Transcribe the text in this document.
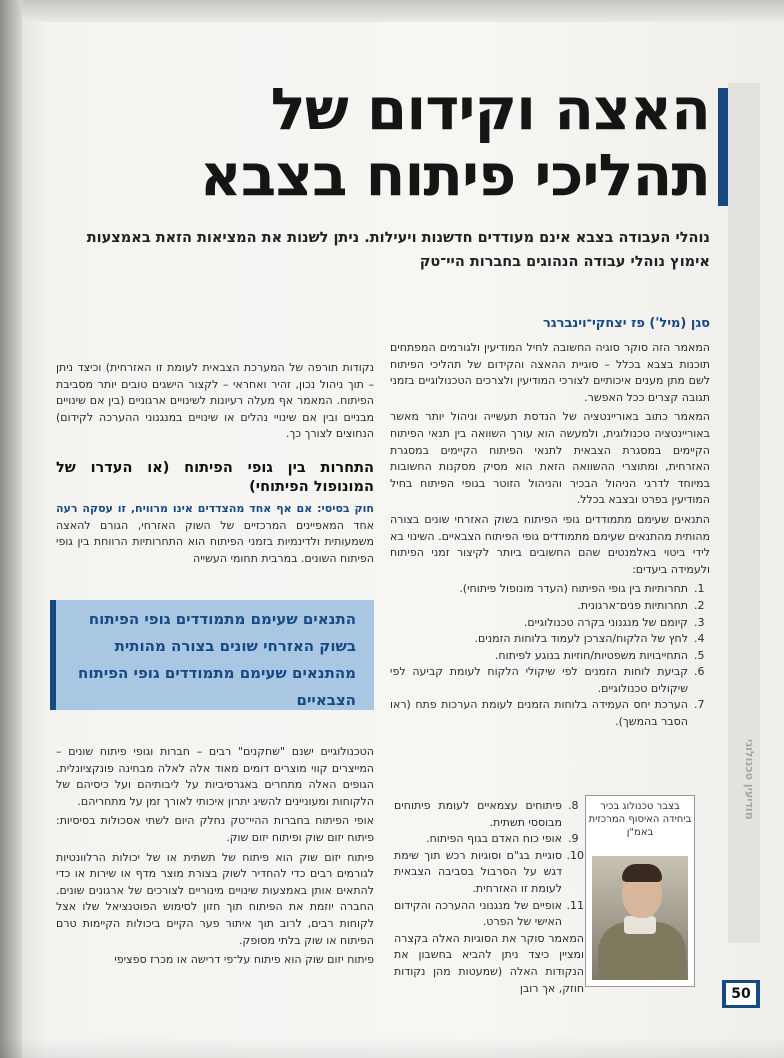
מודיעין טכנולוגי
האצה וקידום של
תהליכי פיתוח בצבא
נוהלי העבודה בצבא אינם מעודדים חדשנות ויעילות. ניתן לשנות את המציאות הזאת באמצעות אימוץ נוהלי עבודה הנהוגים בחברות היי־טק
סגן (מיל') פז יצחקי־וינברגר

המאמר הזה סוקר סוגיה החשובה לחיל המודיעין ולגורמים המפתחים תוכנות בצבא בכלל – סוגיית ההאצה והקידום של תהליכי הפיתוח לשם מתן מענים איכותיים לצורכי המודיעין ולצרכים הטכנולוגיים בזמני תגובה קצרים ככל האפשר.

המאמר כתוב באוריינטציה של הנדסת תעשייה וניהול יותר מאשר באוריינטציה טכנולוגית, ולמעשה הוא עורך השוואה בין תנאי הפיתוח הקיימים במסגרת הצבאית לתנאי הפיתוח הקיימים במסגרת האזרחית, ומתוצרי ההשוואה הזאת הוא מסיק מסקנות החשובות במיוחד לדרגי הניהול הבכיר והניהול הזוטר בגופי הפיתוח בחיל המודיעין בפרט ובצבא בכלל.

התנאים שעימם מתמודדים גופי הפיתוח בשוק האזרחי שונים בצורה מהותית מהתנאים שעימם מתמודדים גופי הפיתוח הצבאיים. השינוי בא לידי ביטוי באלמנטים שהם החשובים ביותר לקיצור זמני הפיתוח ולעמידה ביעדים:

1.
תחרותיות בין גופי הפיתוח (העדר מונופול פיתוחי).
2.
תחרותיות פנים־ארגונית.
3.
קיומם של מנגנוני בקרה טכנולוגיים.
4.
לחץ של הלקוח/הצרכן לעמוד בלוחות הזמנים.
5.
התחייבויות משפטיות/חוזיות בנוגע לפיתוח.
6.
קביעת לוחות הזמנים לפי שיקולי הלקוח לעומת קביעה לפי שיקולים טכנולוגיים.
7.
הערכת יחס העמידה בלוחות הזמנים לעומת הערכות פתח (ראו הסבר בהמשך).
בצבר טכנולוג בכיר ביחידה האיסוף המרכזית באמ"ן
8.
פיתוחים עצמאיים לעומת פיתוחים מבוססי תשתית.
9.
אופי כוח האדם בגוף הפיתוח.
10.
סוגיית בג"ם וסוגיות רכש תוך שימת דגש על הסרבול בסביבה הצבאית לעומת זו האזרחית.
11.
אופיים של מנגנוני ההערכה והקידום האישי של הפרט.

המאמר סוקר את הסוגיות האלה בקצרה ומציין כיצד ניתן להביא בחשבון את הנקודות האלה (שמעטות מהן נקודות חוזק, אך רובן

נקודות תורפה של המערכת הצבאית לעומת זו האזרחית) וכיצד ניתן – תוך ניהול נכון, זהיר ואחראי – לקצור הישגים טובים יותר מסביבת הפיתוח. המאמר אף מעלה רעיונות לשינויים ארגוניים (בין אם שינויים מבניים ובין אם שינויי נהלים או שינויים במנגנוני ההערכה לקידום) הנחוצים לצורך כך.

התחרות בין גופי הפיתוח (או העדרו של המונופול הפיתוחי)

חוק בסיסי: אם אף אחד מהצדדים אינו מרוויח, זו עסקה רעה אחד המאפיינים המרכזיים של השוק האזרחי, הגורם להאצה משמעותית ולדינמיות בזמני הפיתוח הוא התחרותיות הרווחת בין גופי הפיתוח השונים. במרבית תחומי העשייה

התנאים שעימם מתמודדים גופי הפיתוח בשוק האזרחי שונים בצורה מהותית מהתנאים שעימם מתמודדים גופי הפיתוח הצבאיים

הטכנולוגיים ישנם "שחקנים" רבים – חברות וגופי פיתוח שונים – המייצרים קווי מוצרים דומים מאוד אלה לאלה מבחינה פונקציונלית. הגופים האלה מתחרים באגרסיביות על ליבותיהם ועל כיסיהם של הלקוחות ומעוניינים להשיג יתרון איכותי לאורך זמן על מתחריהם.

אופי הפיתוח בחברות ההיי־טק נחלק היום לשתי אסכולות בסיסיות: פיתוח יזום שוק ופיתוח יזום שוק.

פיתוח יזום שוק הוא פיתוח של תשתית או של יכולות הרלוונטיות לגורמים רבים כדי להחדיר לשוק בצורת מוצר מדף או שירות או כדי להתאים אותן באמצעות שינויים מינוריים לצורכים של ארגונים שונים. החברה יוזמת את הפיתוח תוך חזון לסימוש הפוטנציאל שלו אצל לקוחות רבים, לרוב תוך איתור פער הקיים ביכולות הקיימות טרם הפיתוח או שוק בלתי מסופק.

פיתוח יזום שוק הוא פיתוח על־פי דרישה או מכרז ספציפי

50
